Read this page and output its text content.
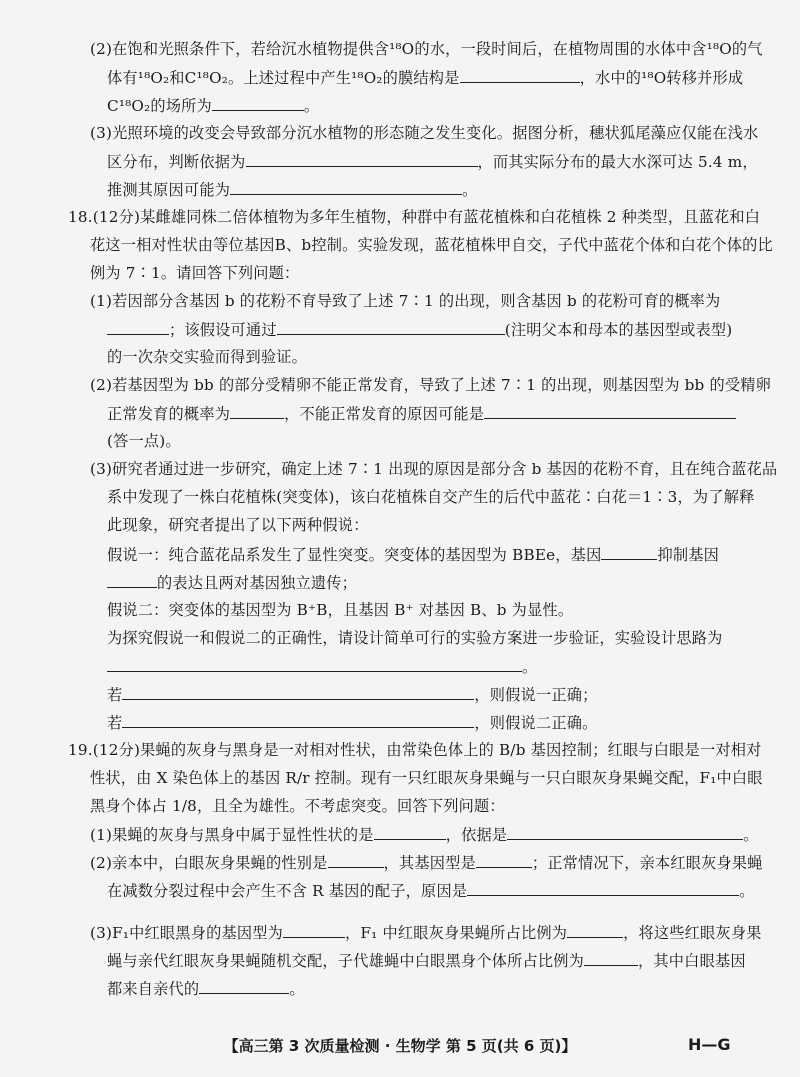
(2)在饱和光照条件下，若给沉水植物提供含¹⁸O的水，一段时间后，在植物周围的水体中含¹⁸O的气
体有¹⁸O₂和C¹⁸O₂。上述过程中产生¹⁸O₂的膜结构是	，水中的¹⁸O转移并形成
C¹⁸O₂的场所为	。
(3)光照环境的改变会导致部分沉水植物的形态随之发生变化。据图分析，穗状狐尾藻应仅能在浅水
区分布，判断依据为	，而其实际分布的最大水深可达 5.4 m，
推测其原因可能为	。
18.(12分)某雌雄同株二倍体植物为多年生植物，种群中有蓝花植株和白花植株 2 种类型，且蓝花和白
花这一相对性状由等位基因B、b控制。实验发现，蓝花植株甲自交，子代中蓝花个体和白花个体的比
例为 7∶1。请回答下列问题：
(1)若因部分含基因 b 的花粉不育导致了上述 7∶1 的出现，则含基因 b 的花粉可育的概率为
；该假设可通过	(注明父本和母本的基因型或表型)
的一次杂交实验而得到验证。
(2)若基因型为 bb 的部分受精卵不能正常发育，导致了上述 7∶1 的出现，则基因型为 bb 的受精卵
正常发育的概率为	，不能正常发育的原因可能是
(答一点)。
(3)研究者通过进一步研究，确定上述 7∶1 出现的原因是部分含 b 基因的花粉不育，且在纯合蓝花品
系中发现了一株白花植株(突变体)，该白花植株自交产生的后代中蓝花∶白花＝1∶3，为了解释
此现象，研究者提出了以下两种假说：
假说一：纯合蓝花品系发生了显性突变。突变体的基因型为 BBEe，基因	抑制基因
的表达且两对基因独立遗传；
假说二：突变体的基因型为 B⁺B，且基因 B⁺ 对基因 B、b 为显性。
为探究假说一和假说二的正确性，请设计简单可行的实验方案进一步验证，实验设计思路为
。
若	，则假说一正确；
若	，则假说二正确。
19.(12分)果蝇的灰身与黑身是一对相对性状，由常染色体上的 B/b 基因控制；红眼与白眼是一对相对
性状，由 X 染色体上的基因 R/r 控制。现有一只红眼灰身果蝇与一只白眼灰身果蝇交配，F₁中白眼
黑身个体占 1/8，且全为雄性。不考虑突变。回答下列问题：
(1)果蝇的灰身与黑身中属于显性性状的是	，依据是	。
(2)亲本中，白眼灰身果蝇的性别是	，其基因型是	；正常情况下，亲本红眼灰身果蝇
在减数分裂过程中会产生不含 R 基因的配子，原因是	。
(3)F₁中红眼黑身的基因型为	，F₁ 中红眼灰身果蝇所占比例为	，将这些红眼灰身果
蝇与亲代红眼灰身果蝇随机交配，子代雄蝇中白眼黑身个体所占比例为	，其中白眼基因
都来自亲代的	。
【高三第 3 次质量检测 · 生物学 第 5 页(共 6 页)】	H—G
